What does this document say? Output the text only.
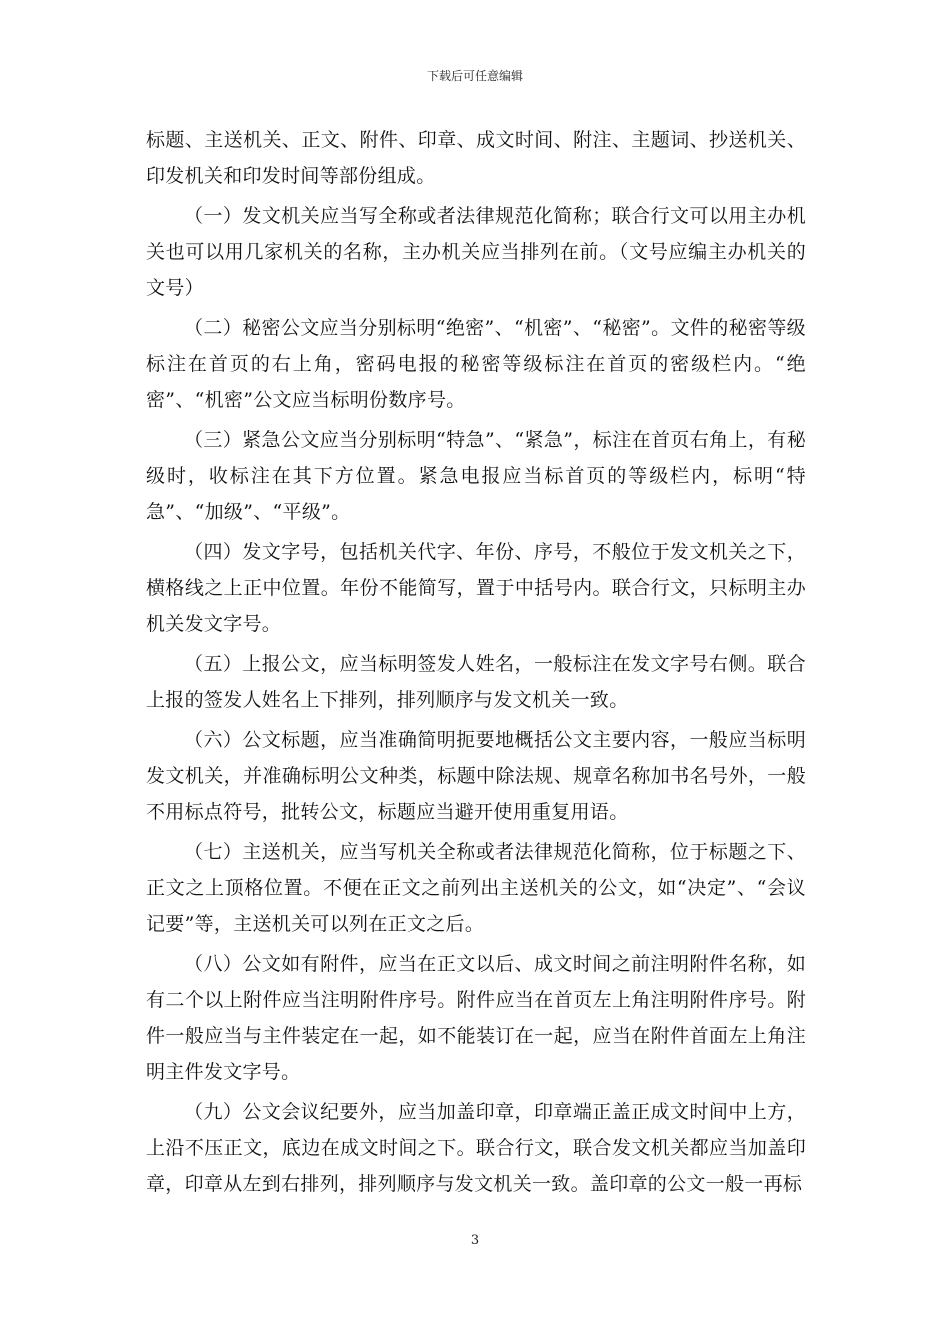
下载后可任意编辑

标题、主送机关、正文、附件、印章、成文时间、附注、主题词、抄送机关、印发机关和印发时间等部份组成。

（一）发文机关应当写全称或者法律规范化简称；联合行文可以用主办机关也可以用几家机关的名称，主办机关应当排列在前。（文号应编主办机关的文号）

（二）秘密公文应当分别标明“绝密”、“机密”、“秘密”。文件的秘密等级标注在首页的右上角，密码电报的秘密等级标注在首页的密级栏内。“绝密”、“机密”公文应当标明份数序号。

（三）紧急公文应当分别标明“特急”、“紧急”，标注在首页右角上，有秘级时，收标注在其下方位置。紧急电报应当标首页的等级栏内，标明“特急”、“加级”、“平级”。

（四）发文字号，包括机关代字、年份、序号，不般位于发文机关之下，横格线之上正中位置。年份不能简写，置于中括号内。联合行文，只标明主办机关发文字号。

（五）上报公文，应当标明签发人姓名，一般标注在发文字号右侧。联合上报的签发人姓名上下排列，排列顺序与发文机关一致。

（六）公文标题，应当准确简明扼要地概括公文主要内容，一般应当标明发文机关，并准确标明公文种类，标题中除法规、规章名称加书名号外，一般不用标点符号，批转公文，标题应当避开使用重复用语。

（七）主送机关，应当写机关全称或者法律规范化简称，位于标题之下、正文之上顶格位置。不便在正文之前列出主送机关的公文，如“决定”、“会议记要”等，主送机关可以列在正文之后。

（八）公文如有附件，应当在正文以后、成文时间之前注明附件名称，如有二个以上附件应当注明附件序号。附件应当在首页左上角注明附件序号。附件一般应当与主件装定在一起，如不能装订在一起，应当在附件首面左上角注明主件发文字号。

（九）公文会议纪要外，应当加盖印章，印章端正盖正成文时间中上方，上沿不压正文，底边在成文时间之下。联合行文，联合发文机关都应当加盖印章，印章从左到右排列，排列顺序与发文机关一致。盖印章的公文一般一再标

3
